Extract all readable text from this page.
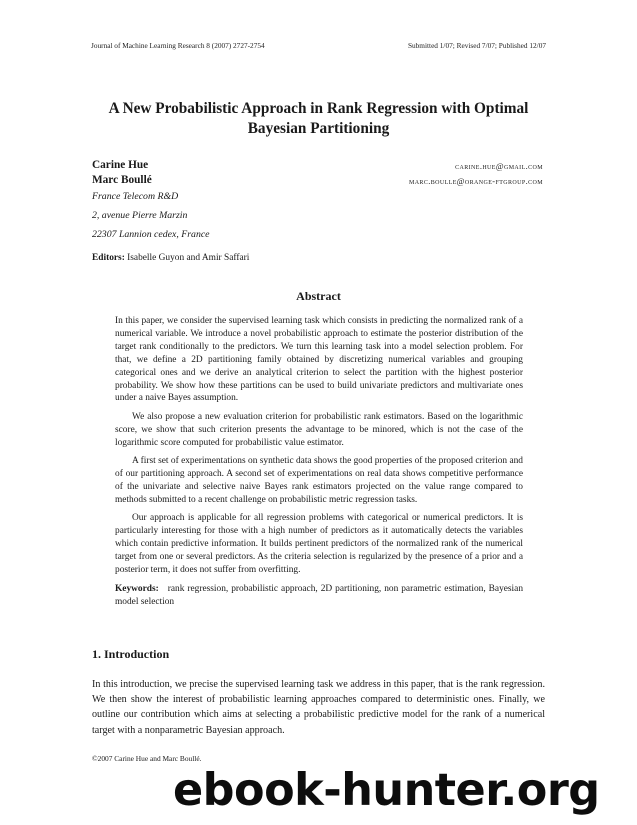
Journal of Machine Learning Research 8 (2007) 2727-2754	Submitted 1/07; Revised 7/07; Published 12/07
A New Probabilistic Approach in Rank Regression with Optimal
Bayesian Partitioning
Carine Hue	carine.hue@gmail.com
Marc Boullé	marc.boulle@orange-ftgroup.com
France Telecom R&D
2, avenue Pierre Marzin
22307 Lannion cedex, France
Editors: Isabelle Guyon and Amir Saffari
Abstract

In this paper, we consider the supervised learning task which consists in predicting the normalized rank of a numerical variable. We introduce a novel probabilistic approach to estimate the posterior distribution of the target rank conditionally to the predictors. We turn this learning task into a model selection problem. For that, we define a 2D partitioning family obtained by discretizing numerical variables and grouping categorical ones and we derive an analytical criterion to select the partition with the highest posterior probability. We show how these partitions can be used to build univariate predictors and multivariate ones under a naive Bayes assumption.

We also propose a new evaluation criterion for probabilistic rank estimators. Based on the logarithmic score, we show that such criterion presents the advantage to be minored, which is not the case of the logarithmic score computed for probabilistic value estimator.

A first set of experimentations on synthetic data shows the good properties of the proposed criterion and of our partitioning approach. A second set of experimentations on real data shows competitive performance of the univariate and selective naive Bayes rank estimators projected on the value range compared to methods submitted to a recent challenge on probabilistic metric regression tasks.

Our approach is applicable for all regression problems with categorical or numerical predictors. It is particularly interesting for those with a high number of predictors as it automatically detects the variables which contain predictive information. It builds pertinent predictors of the normalized rank of the numerical target from one or several predictors. As the criteria selection is regularized by the presence of a prior and a posterior term, it does not suffer from overfitting.

Keywords: rank regression, probabilistic approach, 2D partitioning, non parametric estimation, Bayesian model selection

1. Introduction

In this introduction, we precise the supervised learning task we address in this paper, that is the rank regression. We then show the interest of probabilistic learning approaches compared to deterministic ones. Finally, we outline our contribution which aims at selecting a probabilistic predictive model for the rank of a numerical target with a nonparametric Bayesian approach.

©2007 Carine Hue and Marc Boullé.
ebook-hunter.org
